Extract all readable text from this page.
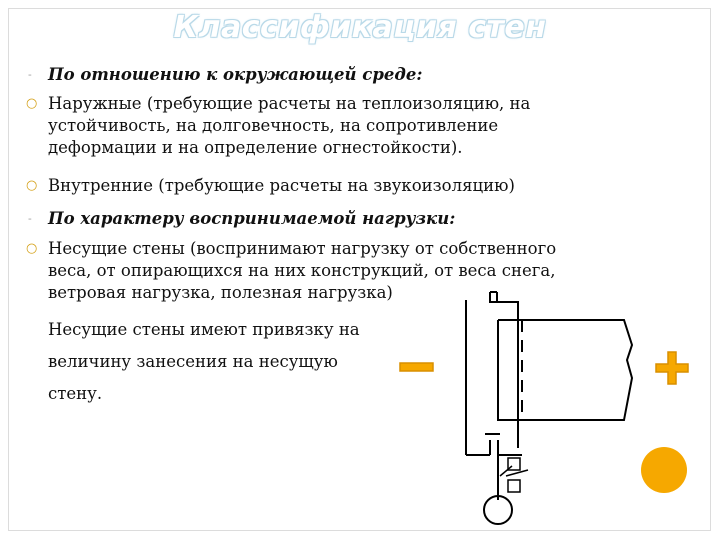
Классификация стен
- По отношению к окружающей среде:
○ Наружные (требующие расчеты на теплоизоляцию, на
устойчивость, на долговечность, на сопротивление
деформации и на определение огнестойкости).
○ Внутренние (требующие расчеты на звукоизоляцию)
- По характеру воспринимаемой нагрузки:
○ Несущие стены (воспринимают нагрузку от собственного
веса, от опирающихся на них конструкций, от веса снега,
ветровая нагрузка, полезная нагрузка)
Несущие стены имеют привязку на
величину занесения на несущую
стену.
